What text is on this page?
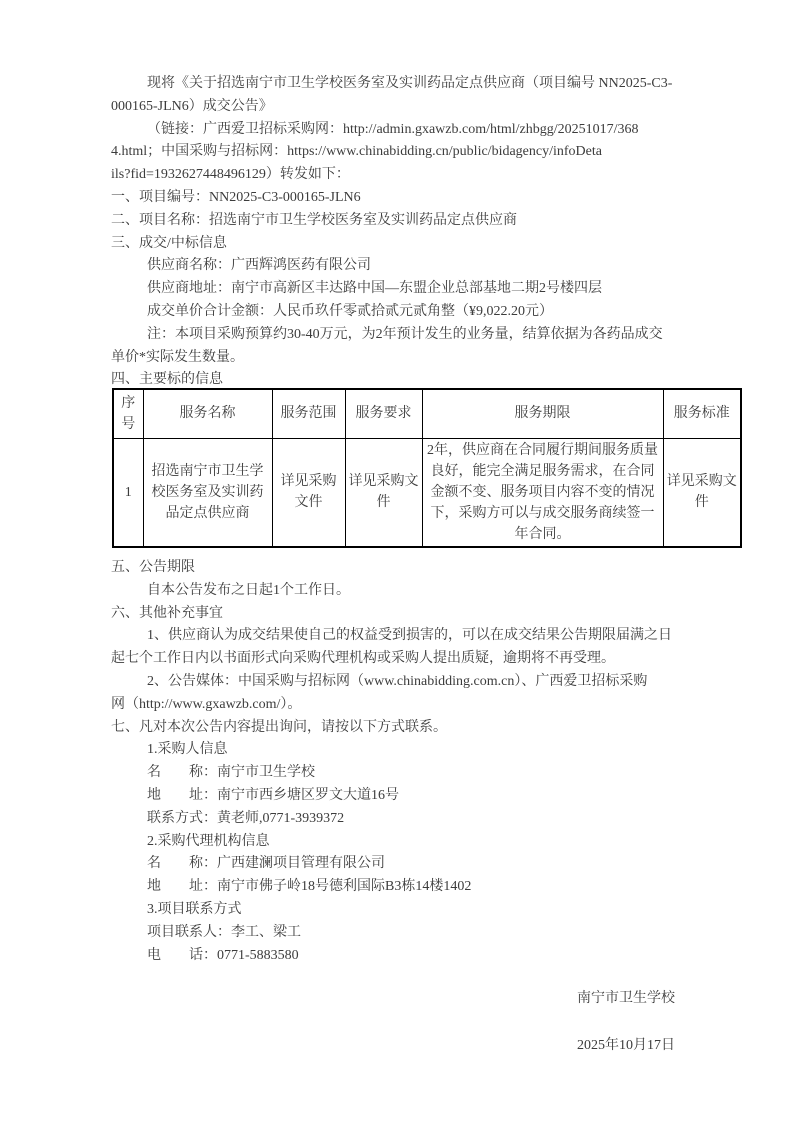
现将《关于招选南宁市卫生学校医务室及实训药品定点供应商（项目编号 NN2025-C3-
000165-JLN6）成交公告》
（链接：广西爱卫招标采购网：http://admin.gxawzb.com/html/zhbgg/20251017/368
4.html；中国采购与招标网：https://www.chinabidding.cn/public/bidagency/infoDeta
ils?fid=1932627448496129）转发如下：
一、项目编号：NN2025-C3-000165-JLN6
二、项目名称：招选南宁市卫生学校医务室及实训药品定点供应商
三、成交/中标信息
供应商名称：广西辉鸿医药有限公司
供应商地址：南宁市高新区丰达路中国—东盟企业总部基地二期2号楼四层
成交单价合计金额：人民币玖仟零贰拾贰元贰角整（¥9,022.20元）
注：本项目采购预算约30-40万元，为2年预计发生的业务量，结算依据为各药品成交
单价*实际发生数量。
四、主要标的信息
序号	服务名称	服务范围	服务要求	服务期限	服务标准
1	招选南宁市卫生学校医务室及实训药品定点供应商	详见采购文件	详见采购文件	2年，供应商在合同履行期间服务质量良好，能完全满足服务需求，在合同金额不变、服务项目内容不变的情况下，采购方可以与成交服务商续签一年合同。	详见采购文件
五、公告期限
自本公告发布之日起1个工作日。
六、其他补充事宜
1、供应商认为成交结果使自己的权益受到损害的，可以在成交结果公告期限届满之日
起七个工作日内以书面形式向采购代理机构或采购人提出质疑，逾期将不再受理。
2、公告媒体：中国采购与招标网（www.chinabidding.com.cn）、广西爱卫招标采购
网（http://www.gxawzb.com/）。
七、凡对本次公告内容提出询问，请按以下方式联系。
1.采购人信息
名        称：南宁市卫生学校
地        址：南宁市西乡塘区罗文大道16号
联系方式：黄老师,0771-3939372
2.采购代理机构信息
名        称：广西建澜项目管理有限公司
地        址：南宁市佛子岭18号德利国际B3栋14楼1402
3.项目联系方式
项目联系人：李工、梁工
电        话：0771-5883580
南宁市卫生学校
2025年10月17日
